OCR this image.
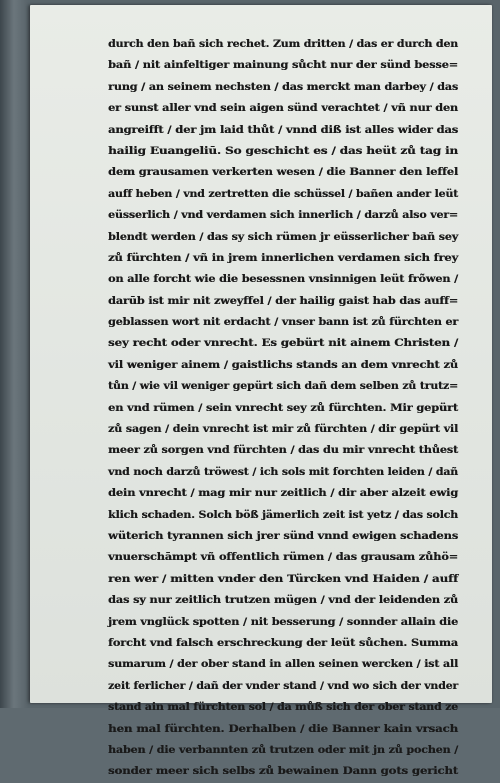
durch den bañ sich rechet. Zum dritten / das er durch den
bañ / nit ainfeltiger mainung sůcht nur der sünd besse=
rung / an seinem nechsten / das merckt man darbey / das
er sunst aller vnd sein aigen sünd verachtet / vñ nur den
angreifft / der jm laid thůt / vnnd diß ist alles wider das
hailig Euangeliū. So geschicht es / das heüt zů tag in
dem grausamen verkerten wesen / die Banner den leffel
auff heben / vnd zertretten die schüssel / bañen ander leüt
eüsserlich / vnd verdamen sich innerlich / darzů also ver=
blendt werden / das sy sich rümen jr eüsserlicher bañ sey
zů fürchten / vñ in jrem innerlichen verdamen sich frey
on alle forcht wie die besessnen vnsinnigen leüt frõwen /
darūb ist mir nit zweyffel / der hailig gaist hab das auff=
geblassen wort nit erdacht / vnser bann ist zů fürchten er
sey recht oder vnrecht. Es gebürt nit ainem Christen /
vil weniger ainem / gaistlichs stands an dem vnrecht zů
tůn / wie vil weniger gepürt sich dañ dem selben zů trutz=
en vnd rümen / sein vnrecht sey zů fürchten. Mir gepürt
zů sagen / dein vnrecht ist mir zů fürchten / dir gepürt vil
meer zů sorgen vnd fürchten / das du mir vnrecht thůest
vnd noch darzů tröwest / ich sols mit forchten leiden / dañ
dein vnrecht / mag mir nur zeitlich / dir aber alzeit ewig
klich schaden. Solch böß jämerlich zeit ist yetz / das solch
wüterich tyrannen sich jrer sünd vnnd ewigen schadens
vnuerschāmpt vñ offentlich rümen / das grausam zůhö=
ren wer / mitten vnder den Türcken vnd Haiden / auff
das sy nur zeitlich trutzen mügen / vnd der leidenden zů
jrem vnglück spotten / nit besserung / sonnder allain die
forcht vnd falsch erschreckung der leüt sůchen. Summa
sumarum / der ober stand in allen seinen wercken / ist all
zeit ferlicher / dañ der vnder stand / vnd wo sich der vnder
stand ain mal fürchten sol / da můß sich der ober stand ze
hen mal fürchten. Derhalben / die Banner kain vrsach
haben / die verbannten zů trutzen oder mit jn zů pochen /
sonder meer sich selbs zů bewainen Dann gots gericht
